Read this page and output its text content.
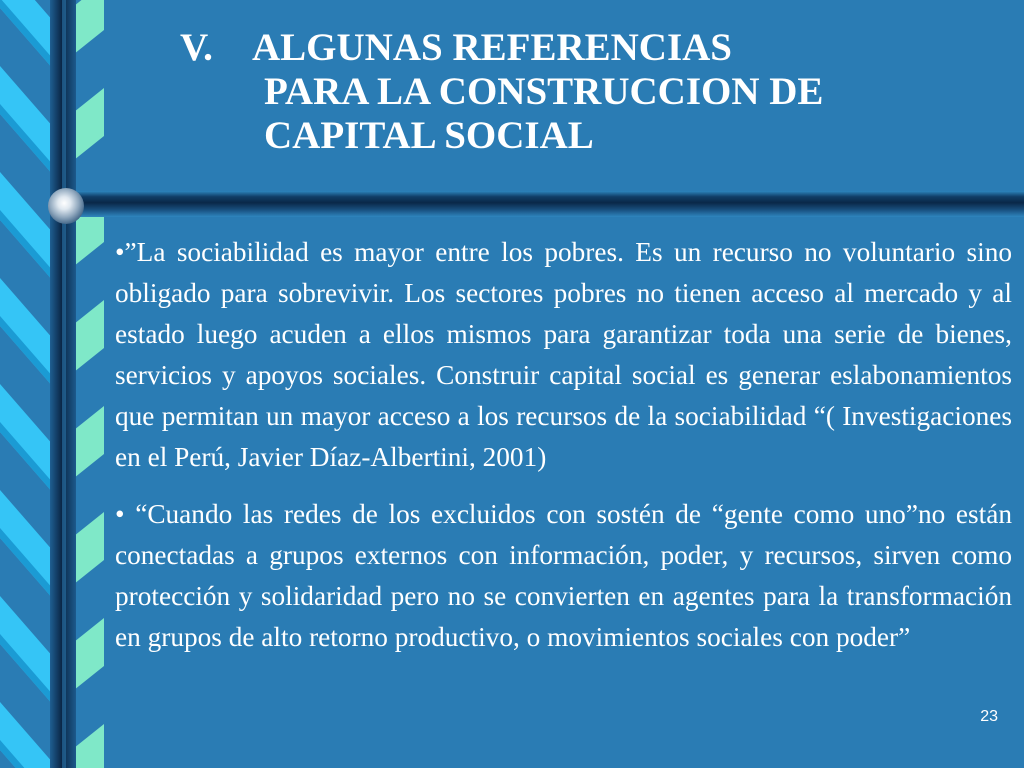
V.	ALGUNAS REFERENCIAS
PARA LA CONSTRUCCION DE
CAPITAL SOCIAL

•”La sociabilidad es mayor entre los pobres. Es un recurso no voluntario sino obligado para sobrevivir. Los sectores pobres no tienen acceso al mercado y al estado luego acuden a ellos mismos para garantizar toda una serie de bienes, servicios y apoyos sociales. Construir capital social es generar eslabonamientos que permitan un mayor acceso a los recursos de la sociabilidad “( Investigaciones en el Perú, Javier Díaz-Albertini, 2001)

• “Cuando las redes de los excluidos con sostén de “gente como uno”no están conectadas a grupos externos con información, poder, y recursos, sirven como protección y solidaridad pero no se convierten en agentes para la transformación en grupos de alto retorno productivo, o movimientos sociales con poder”

23
